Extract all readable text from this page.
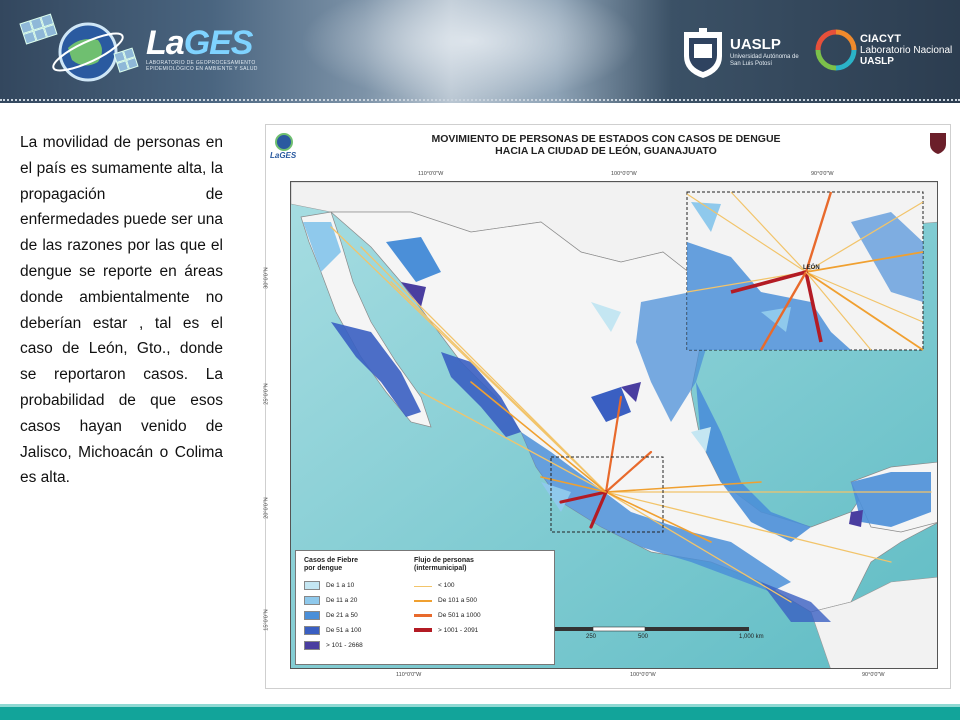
LaGES
LABORATORIO DE GEOPROCESAMIENTO EPIDEMIOLÓGICO EN AMBIENTE Y SALUD
UASLP
Universidad Autónoma de San Luis Potosí
CIACYT
Laboratorio Nacional
UASLP
La movilidad de personas en el país es sumamente alta, la propagación de enfermedades puede ser una de las razones por las que el dengue se reporte en áreas donde ambientalmente no deberían estar , tal es el caso de León, Gto., donde se reportaron casos. La probabilidad de que esos casos hayan venido de Jalisco, Michoacán o Colima es alta.
LaGES
MOVIMIENTO DE PERSONAS DE ESTADOS CON CASOS DE DENGUE
HACIA LA CIUDAD DE LEÓN, GUANAJUATO
110°0'0"W	100°0'0"W	90°0'0"W
110°0'0"W	100°0'0"W	90°0'0"W
30°0'0"N
25°0'0"N
20°0'0"N
15°0'0"N
LEÓN
250	500	1,000 km
Casos de Fiebre
por dengue
Flujo de personas
(intermunicipal)
De 1 a 10
De 11 a 20
De 21 a 50
De 51 a 100
> 101 - 2668
< 100
De 101 a 500
De 501 a 1000
> 1001 - 2091
